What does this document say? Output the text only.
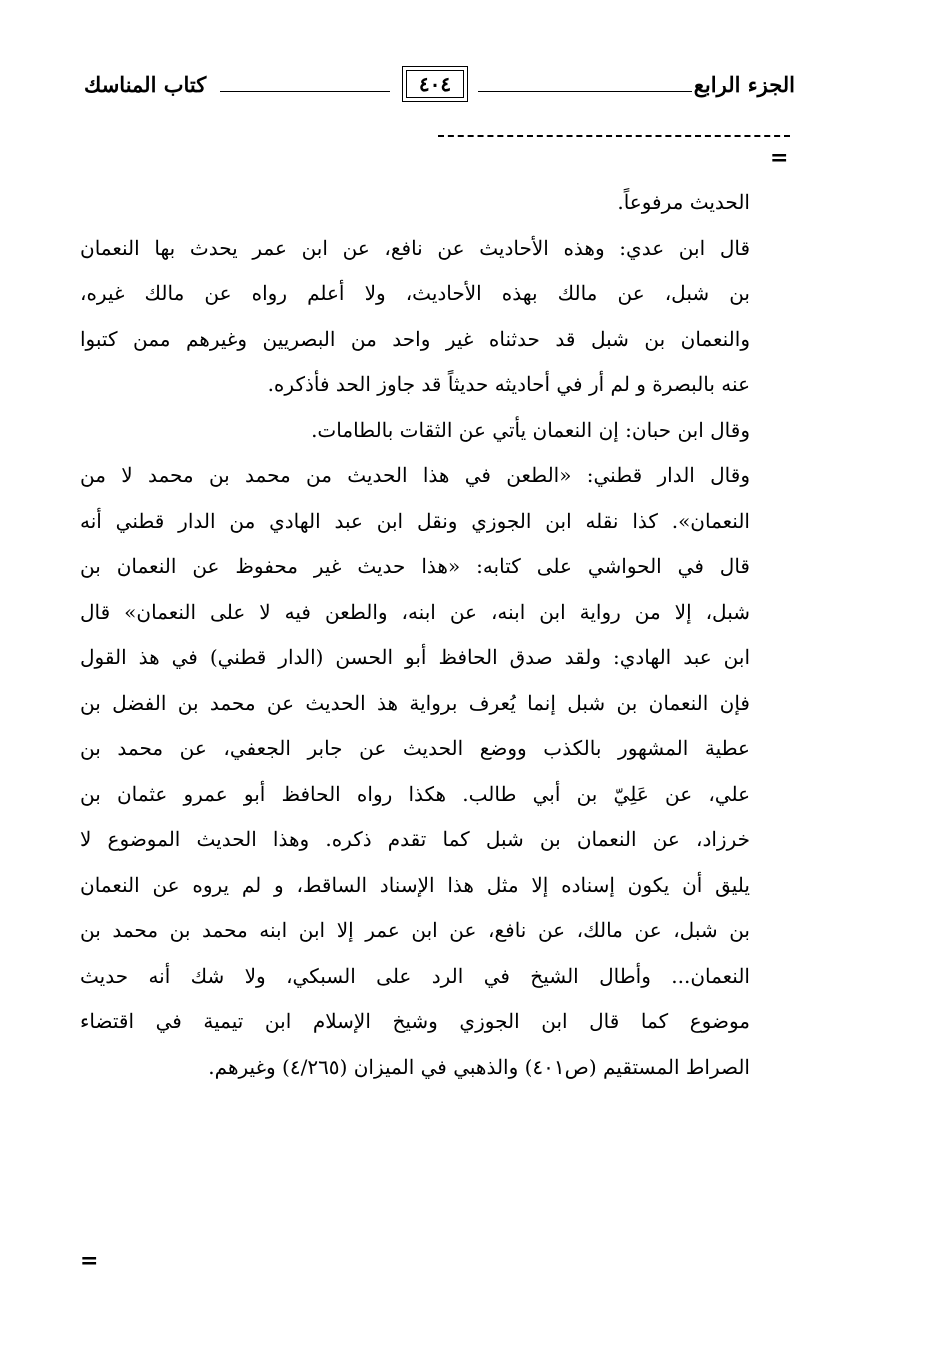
الجزء الرابع
٤٠٤
كتاب المناسك
=
الحديث مرفوعاً.
قال ابن عدي: وهذه الأحاديث عن نافع، عن ابن عمر يحدث بها النعمان
بن شبل، عن مالك بهذه الأحاديث، ولا أعلم رواه عن مالك غيره،
والنعمان بن شبل قد حدثناه غير واحد من البصريين وغيرهم ممن كتبوا
عنه بالبصرة و لم أر في أحاديثه حديثاً قد جاوز الحد فأذكره.
وقال ابن حبان: إن النعمان يأتي عن الثقات بالطامات.
وقال الدار قطني: «الطعن في هذا الحديث من محمد بن محمد لا من
النعمان». كذا نقله ابن الجوزي ونقل ابن عبد الهادي من الدار قطني أنه
قال في الحواشي على كتابه: «هذا حديث غير محفوظ عن النعمان بن
شبل، إلا من رواية ابن ابنه، عن ابنه، والطعن فيه لا على النعمان» قال
ابن عبد الهادي: ولقد صدق الحافظ أبو الحسن (الدار قطني) في هذ القول
فإن النعمان بن شبل إنما يُعرف برواية هذ الحديث عن محمد بن الفضل بن
عطية المشهور بالكذب ووضع الحديث عن جابر الجعفي، عن محمد بن
علي، عن عَلِيّ بن أبي طالب. هكذا رواه الحافظ أبو عمرو عثمان بن
خرزاد، عن النعمان بن شبل كما تقدم ذكره. وهذا الحديث الموضوع لا
يليق أن يكون إسناده إلا مثل هذا الإسناد الساقط، و لم يروه عن النعمان
بن شبل، عن مالك، عن نافع، عن ابن عمر إلا ابن ابنه محمد بن محمد بن
النعمان... وأطال الشيخ في الرد على السبكي، ولا شك أنه حديث
موضوع كما قال ابن الجوزي وشيخ الإسلام ابن تيمية في اقتضاء
الصراط المستقيم (ص٤٠١) والذهبي في الميزان (٤/٢٦٥) وغيرهم.
=
